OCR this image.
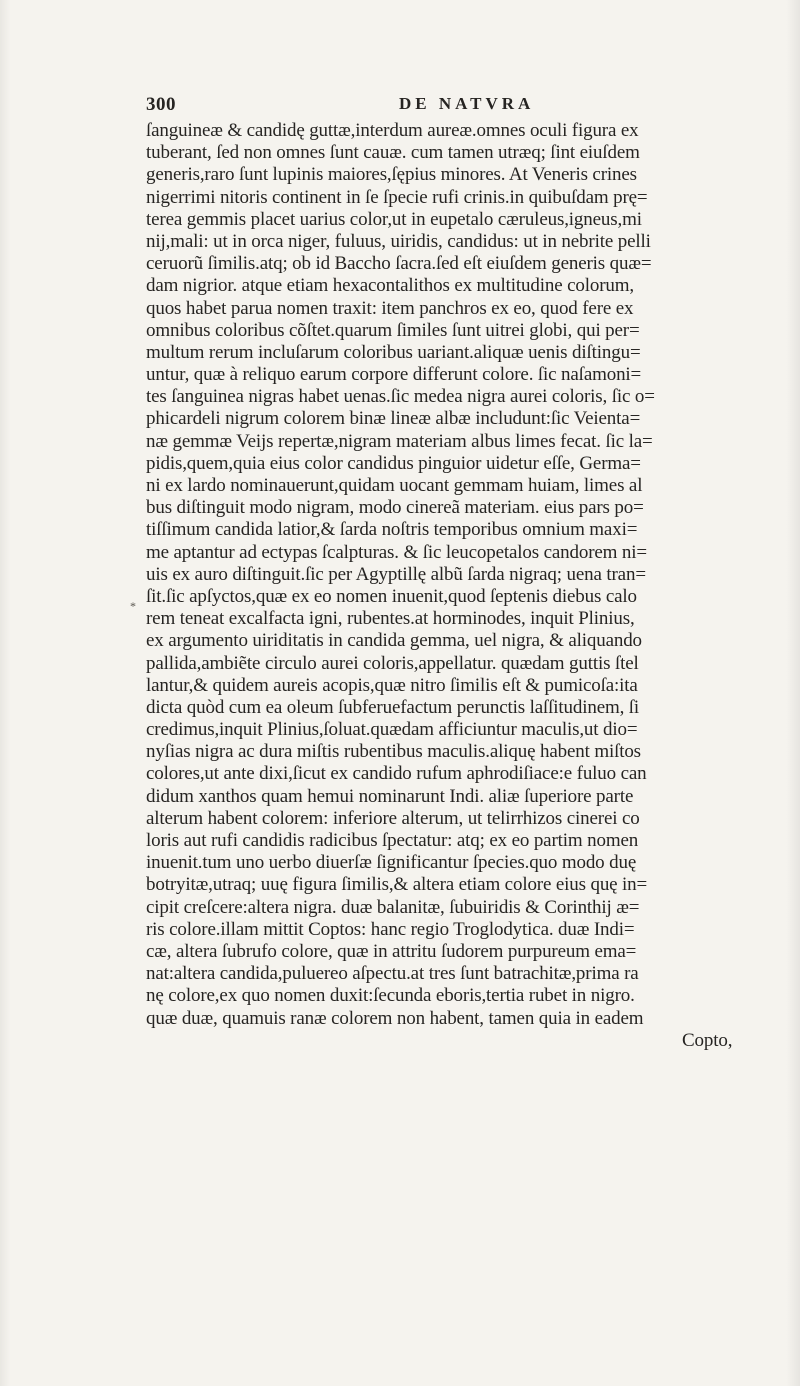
300	DE NATVRA
*
ſanguineæ & candidę guttæ,interdum aureæ.omnes oculi figura ex
tuberant, ſed non omnes ſunt cauæ. cum tamen utræq; ſint eiuſdem
generis,raro ſunt lupinis maiores,ſępius minores. At Veneris crines
nigerrimi nitoris continent in ſe ſpecie rufi crinis.in quibuſdam prę=
terea gemmis placet uarius color,ut in eupetalo cæruleus,igneus,mi
nij,mali: ut in orca niger, fuluus, uiridis, candidus: ut in nebrite pelli
ceruorũ ſimilis.atq; ob id Baccho ſacra.ſed eſt eiuſdem generis quæ=
dam nigrior. atque etiam hexacontalithos ex multitudine colorum,
quos habet parua nomen traxit: item panchros ex eo, quod fere ex
omnibus coloribus cõſtet.quarum ſimiles ſunt uitrei globi, qui per=
multum rerum incluſarum coloribus uariant.aliquæ uenis diſtingu=
untur, quæ à reliquo earum corpore differunt colore. ſic naſamoni=
tes ſanguinea nigras habet uenas.ſic medea nigra aurei coloris, ſic o=
phicardeli nigrum colorem binæ lineæ albæ includunt:ſic Veienta=
næ gemmæ Veijs repertæ,nigram materiam albus limes fecat. ſic la=
pidis,quem,quia eius color candidus pinguior uidetur eſſe, Germa=
ni ex lardo nominauerunt,quidam uocant gemmam huiam, limes al
bus diſtinguit modo nigram, modo cinereã materiam. eius pars po=
tiſſimum candida latior,& ſarda noſtris temporibus omnium maxi=
me aptantur ad ectypas ſcalpturas. & ſic leucopetalos candorem ni=
uis ex auro diſtinguit.ſic per Agyptillę albũ ſarda nigraq; uena tran=
ſit.ſic apſyctos,quæ ex eo nomen inuenit,quod ſeptenis diebus calo
rem teneat excalfacta igni, rubentes.at horminodes, inquit Plinius,
ex argumento uiriditatis in candida gemma, uel nigra, & aliquando
pallida,ambiẽte circulo aurei coloris,appellatur. quædam guttis ſtel
lantur,& quidem aureis acopis,quæ nitro ſimilis eſt & pumicoſa:ita
dicta quòd cum ea oleum ſubferuefactum perunctis laſſitudinem, ſi
credimus,inquit Plinius,ſoluat.quædam afficiuntur maculis,ut dio=
nyſias nigra ac dura miſtis rubentibus maculis.aliquę habent miſtos
colores,ut ante dixi,ſicut ex candido rufum aphrodiſiace:e fuluo can
didum xanthos quam hemui nominarunt Indi. aliæ ſuperiore parte
alterum habent colorem: inferiore alterum, ut telirrhizos cinerei co
loris aut rufi candidis radicibus ſpectatur: atq; ex eo partim nomen
inuenit.tum uno uerbo diuerſæ ſignificantur ſpecies.quo modo duę
botryitæ,utraq; uuę figura ſimilis,& altera etiam colore eius quę in=
cipit creſcere:altera nigra. duæ balanitæ, ſubuiridis & Corinthij æ=
ris colore.illam mittit Coptos: hanc regio Troglodytica. duæ Indi=
cæ, altera ſubrufo colore, quæ in attritu ſudorem purpureum ema=
nat:altera candida,puluereo aſpectu.at tres ſunt batrachitæ,prima ra
nę colore,ex quo nomen duxit:ſecunda eboris,tertia rubet in nigro.
quæ duæ, quamuis ranæ colorem non habent, tamen quia in eadem
Copto,
